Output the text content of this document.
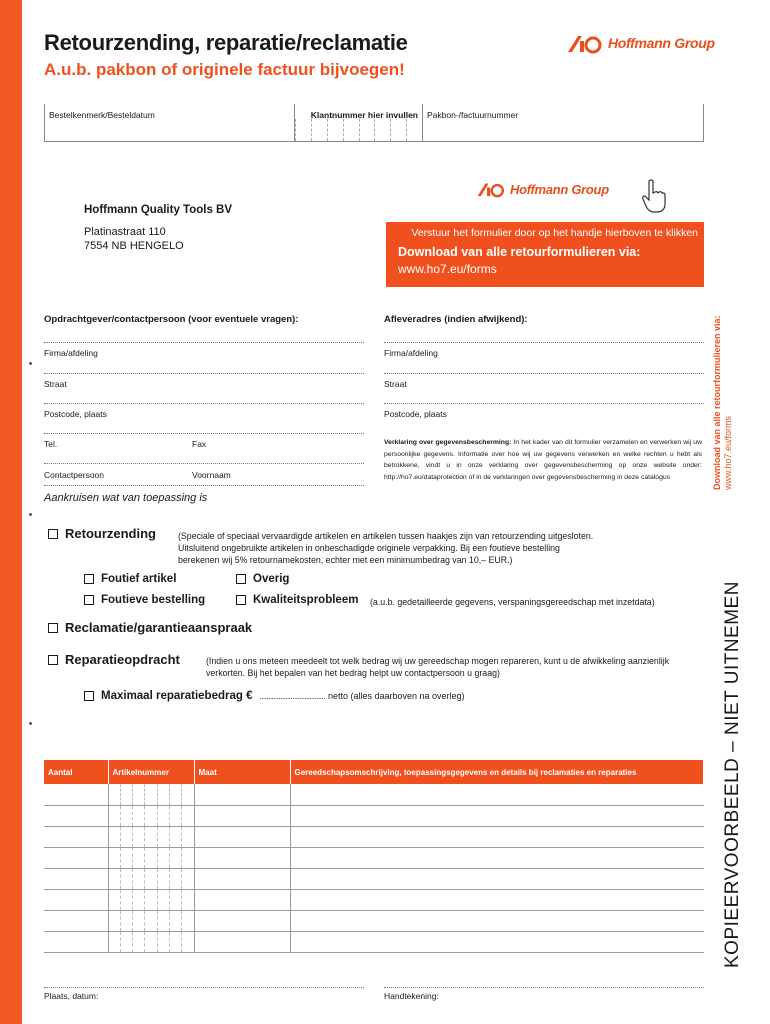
Retourzending, reparatie/reclamatie
A.u.b. pakbon of originele factuur bijvoegen!
Hoffmann Group
Bestelkenmerk/Besteldatum	Klantnummer hier invullen	Pakbon-/factuurnummer
Hoffmann Quality Tools BV
Platinastraat 110
7554 NB HENGELO
Hoffmann Group
Verstuur het formulier door op het handje hierboven te klikken
Download van alle retourformulieren via:
www.ho7.eu/forms
Download van alle retourformulieren via: www.ho7.eu/forms
KOPIEERVOORBEELD – NIET UITNEMEN
Opdrachtgever/contactpersoon (voor eventuele vragen):	Afleveradres (indien afwijkend):
Firma/afdeling	Firma/afdeling
Straat	Straat
Postcode, plaats	Postcode, plaats
Tel.	Fax
Contactpersoon	Voornaam
Verklaring over gegevensbescherming: In het kader van dit formulier verzamelen en verwerken wij uw persoonlijke gegevens. Informatie over hoe wij uw gegevens verwerken en welke rechten u hebt als betrokkene, vindt u in onze verklaring over gegevensbescherming op onze website onder: http://ho7.eu/dataprotection of in de verklaringen over gegevensbescherming in deze catalogus
Aankruisen wat van toepassing is
Retourzending	(Speciale of speciaal vervaardigde artikelen en artikelen tussen haakjes zijn van retourzending uitgesloten.
Uitsluitend ongebruikte artikelen in onbeschadigde originele verpakking. Bij een foutieve bestelling
berekenen wij 5% retournamekosten, echter met een minimumbedrag van 10,– EUR.)
Foutief artikel	Overig
Foutieve bestelling	Kwaliteitsprobleem (a.u.b. gedetailleerde gegevens, verspaningsgereedschap met inzetdata)
Reclamatie/garantieaanspraak
Reparatieopdracht	(Indien u ons meteen meedeelt tot welk bedrag wij uw gereedschap mogen repareren, kunt u de afwikkeling aanzienlijk
verkorten. Bij het bepalen van het bedrag helpt uw contactpersoon u graag)
Maximaal reparatiebedrag € ...................................... netto (alles daarboven na overleg)
Aantal	Artikelnummer	Maat	Gereedschapsomschrijving, toepassingsgegevens en details bij reclamaties en reparaties

Plaats, datum:	Handtekening:
